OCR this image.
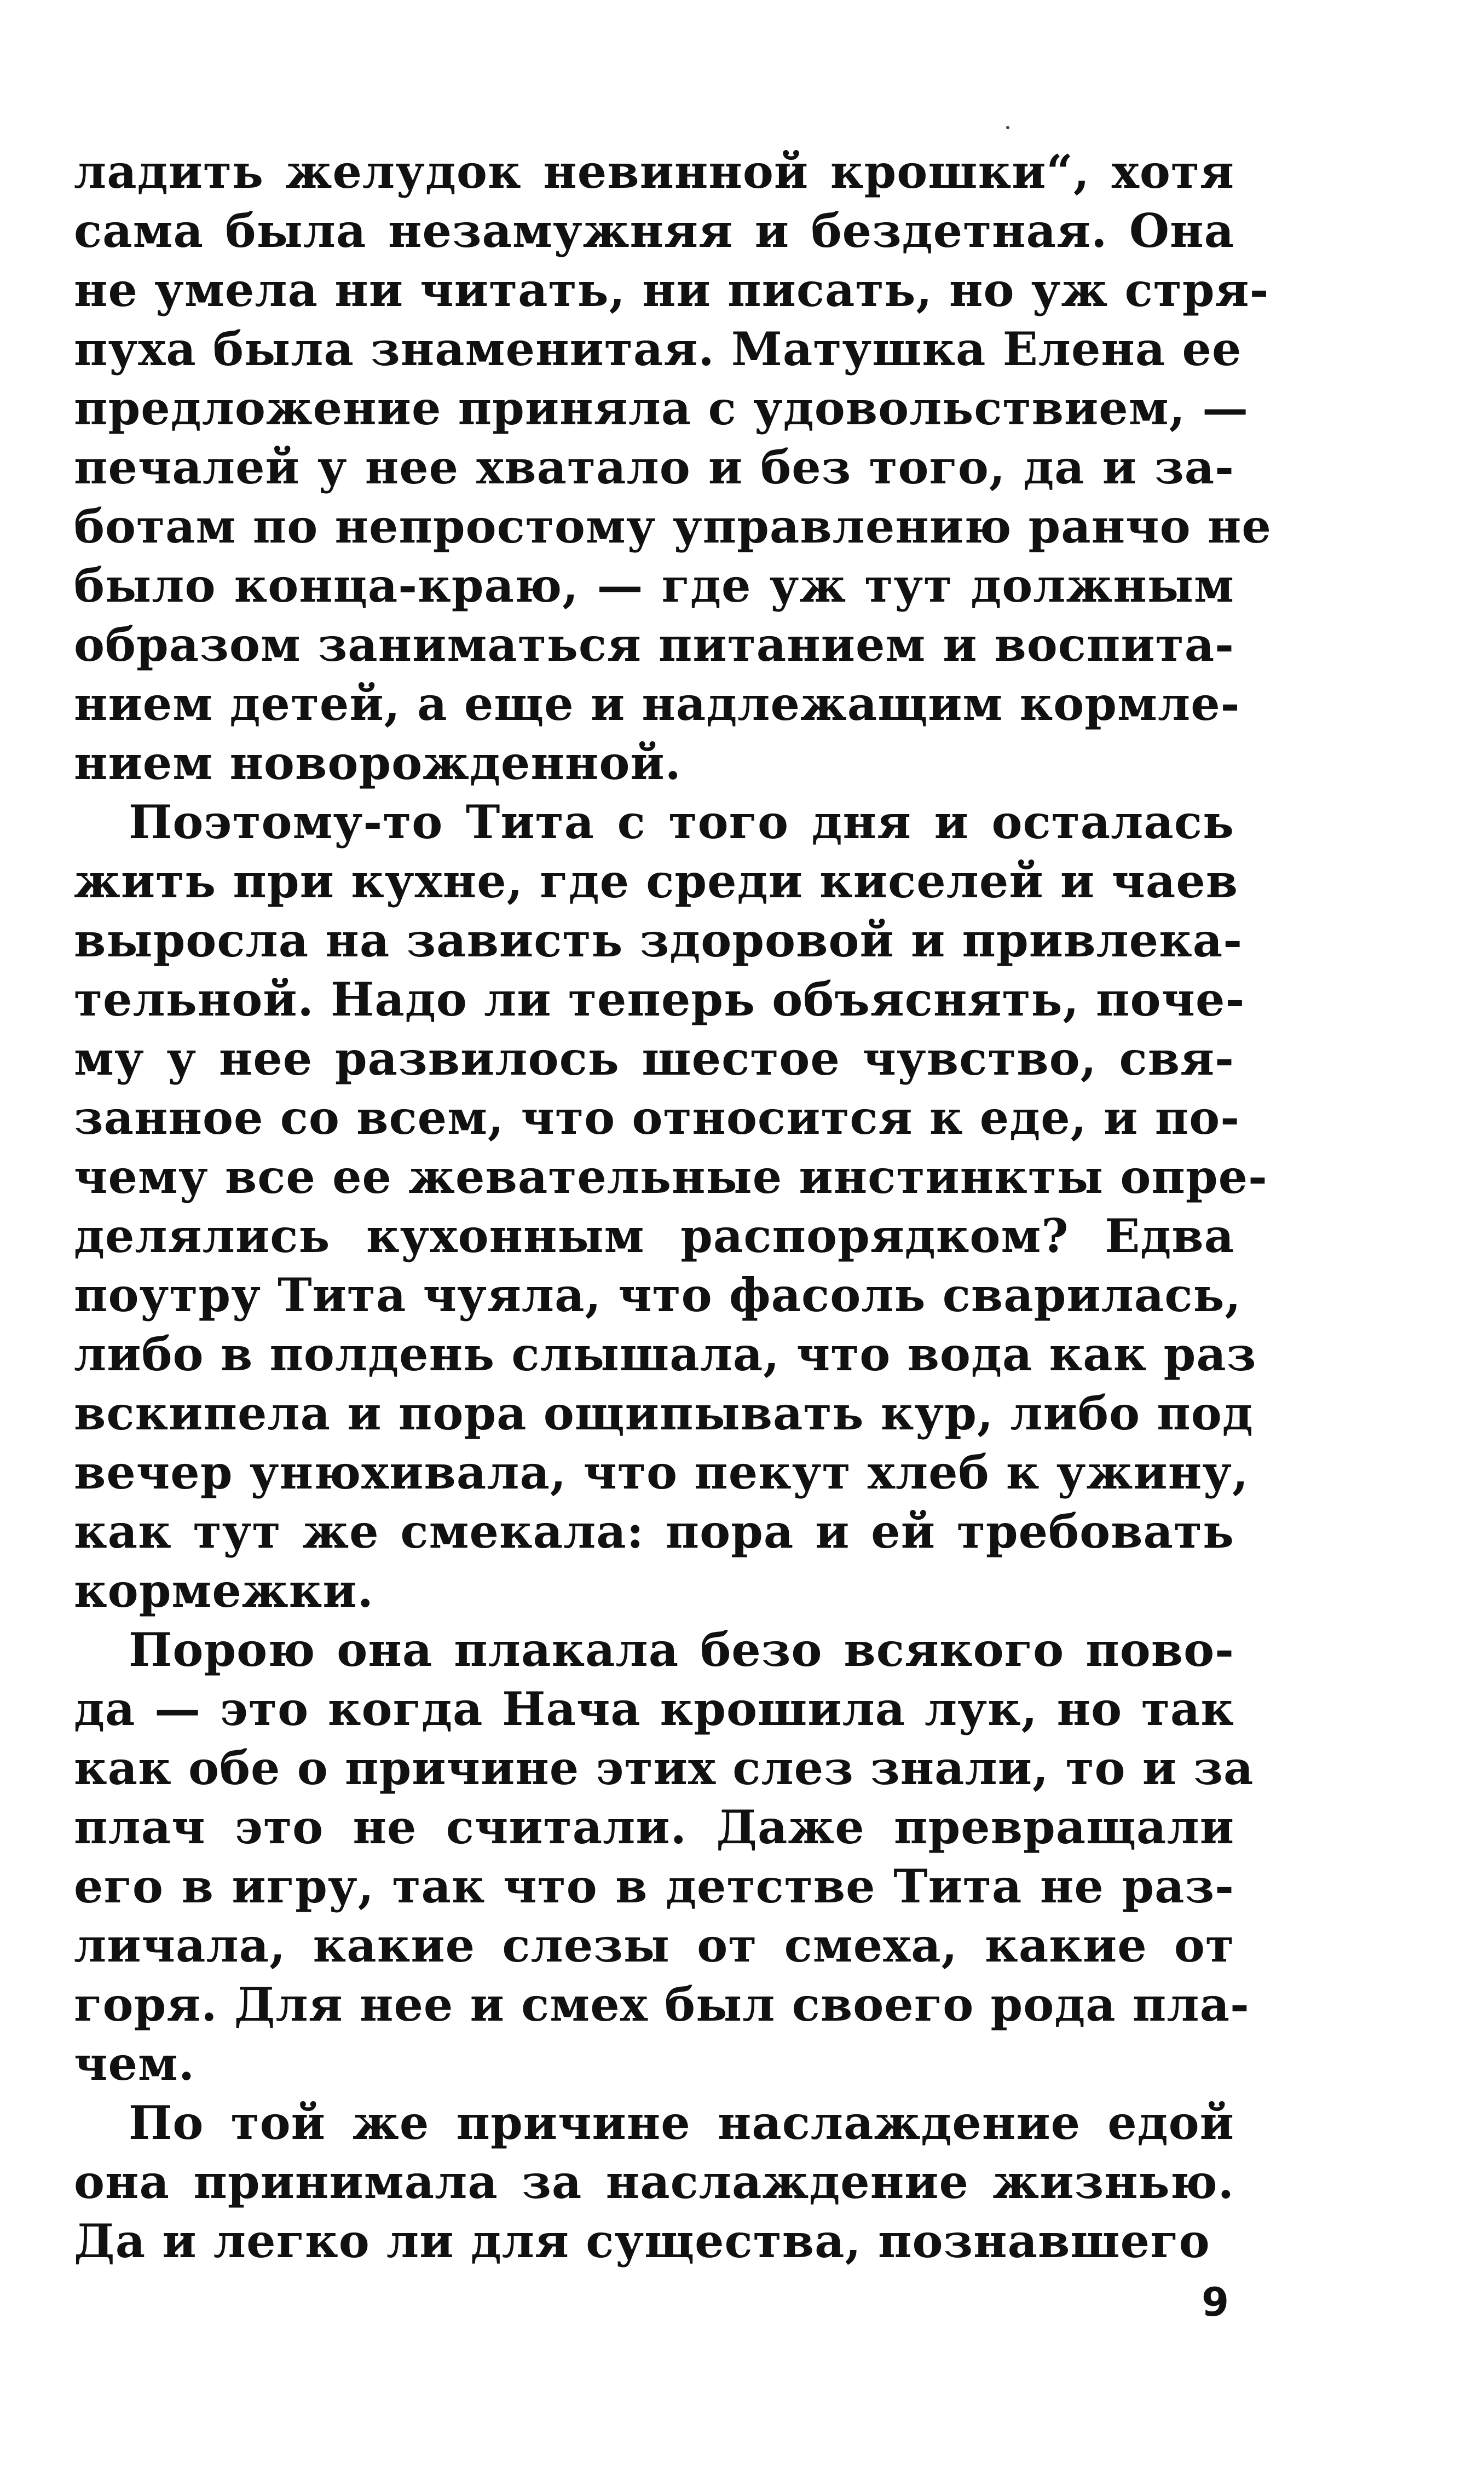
ладить желудок невинной крошки“, хотя
сама была незамужняя и бездетная. Она
не умела ни читать, ни писать, но уж стря-
пуха была знаменитая. Матушка Елена ее
предложение приняла с удовольствием, —
печалей у нее хватало и без того, да и за-
ботам по непростому управлению ранчо не
было конца-краю, — где уж тут должным
образом заниматься питанием и воспита-
нием детей, а еще и надлежащим кормле-
нием новорожденной.
Поэтому-то Тита с того дня и осталась
жить при кухне, где среди киселей и чаев
выросла на зависть здоровой и привлека-
тельной. Надо ли теперь объяснять, поче-
му у нее развилось шестое чувство, свя-
занное со всем, что относится к еде, и по-
чему все ее жевательные инстинкты опре-
делялись кухонным распорядком? Едва
поутру Тита чуяла, что фасоль сварилась,
либо в полдень слышала, что вода как раз
вскипела и пора ощипывать кур, либо под
вечер унюхивала, что пекут хлеб к ужину,
как тут же смекала: пора и ей требовать
кормежки.
Порою она плакала безо всякого пово-
да — это когда Нача крошила лук, но так
как обе о причине этих слез знали, то и за
плач это не считали. Даже превращали
его в игру, так что в детстве Тита не раз-
личала, какие слезы от смеха, какие от
горя. Для нее и смех был своего рода пла-
чем.
По той же причине наслаждение едой
она принимала за наслаждение жизнью.
Да и легко ли для существа, познавшего
9
